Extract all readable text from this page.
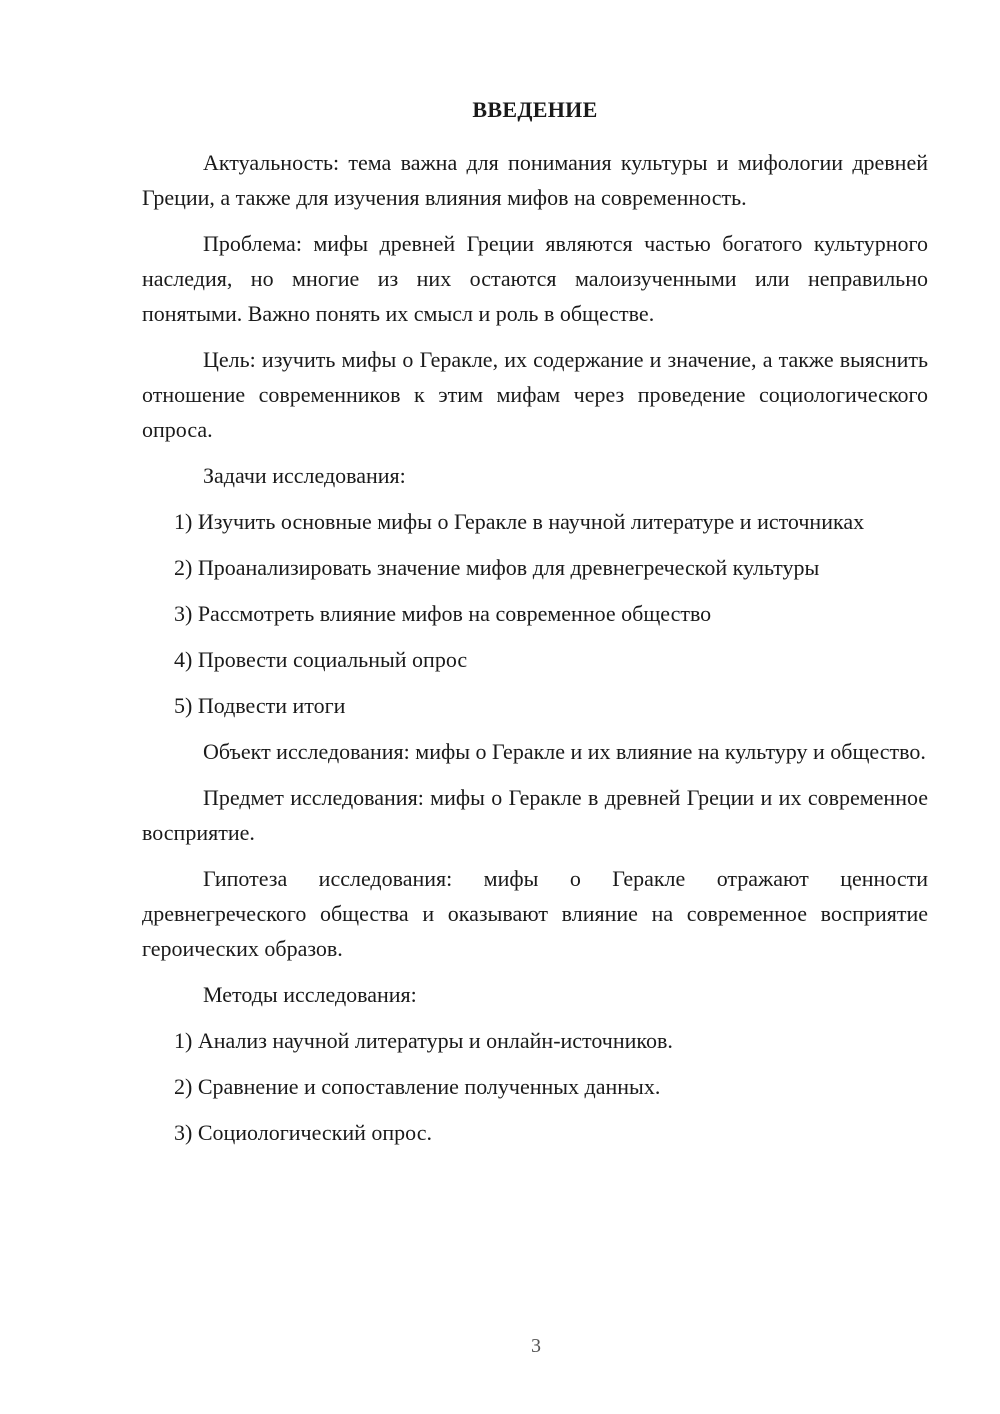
ВВЕДЕНИЕ

Актуальность: тема важна для понимания культуры и мифологии древней Греции, а также для изучения влияния мифов на современность.

Проблема: мифы древней Греции являются частью богатого культурного наследия, но многие из них остаются малоизученными или неправильно понятыми. Важно понять их смысл и роль в обществе.

Цель: изучить мифы о Геракле, их содержание и значение, а также выяснить отношение современников к этим мифам через проведение социологического опроса.

Задачи исследования:

1) Изучить основные мифы о Геракле в научной литературе и источниках

2) Проанализировать значение мифов для древнегреческой культуры

3) Рассмотреть влияние мифов на современное общество

4) Провести социальный опрос

5) Подвести итоги

Объект исследования: мифы о Геракле и их влияние на культуру и общество.

Предмет исследования: мифы о Геракле в древней Греции и их современное восприятие.

Гипотеза исследования: мифы о Геракле отражают ценности древнегреческого общества и оказывают влияние на современное восприятие героических образов.

Методы исследования:

1) Анализ научной литературы и онлайн-источников.

2) Сравнение и сопоставление полученных данных.

3) Социологический опрос.

3
